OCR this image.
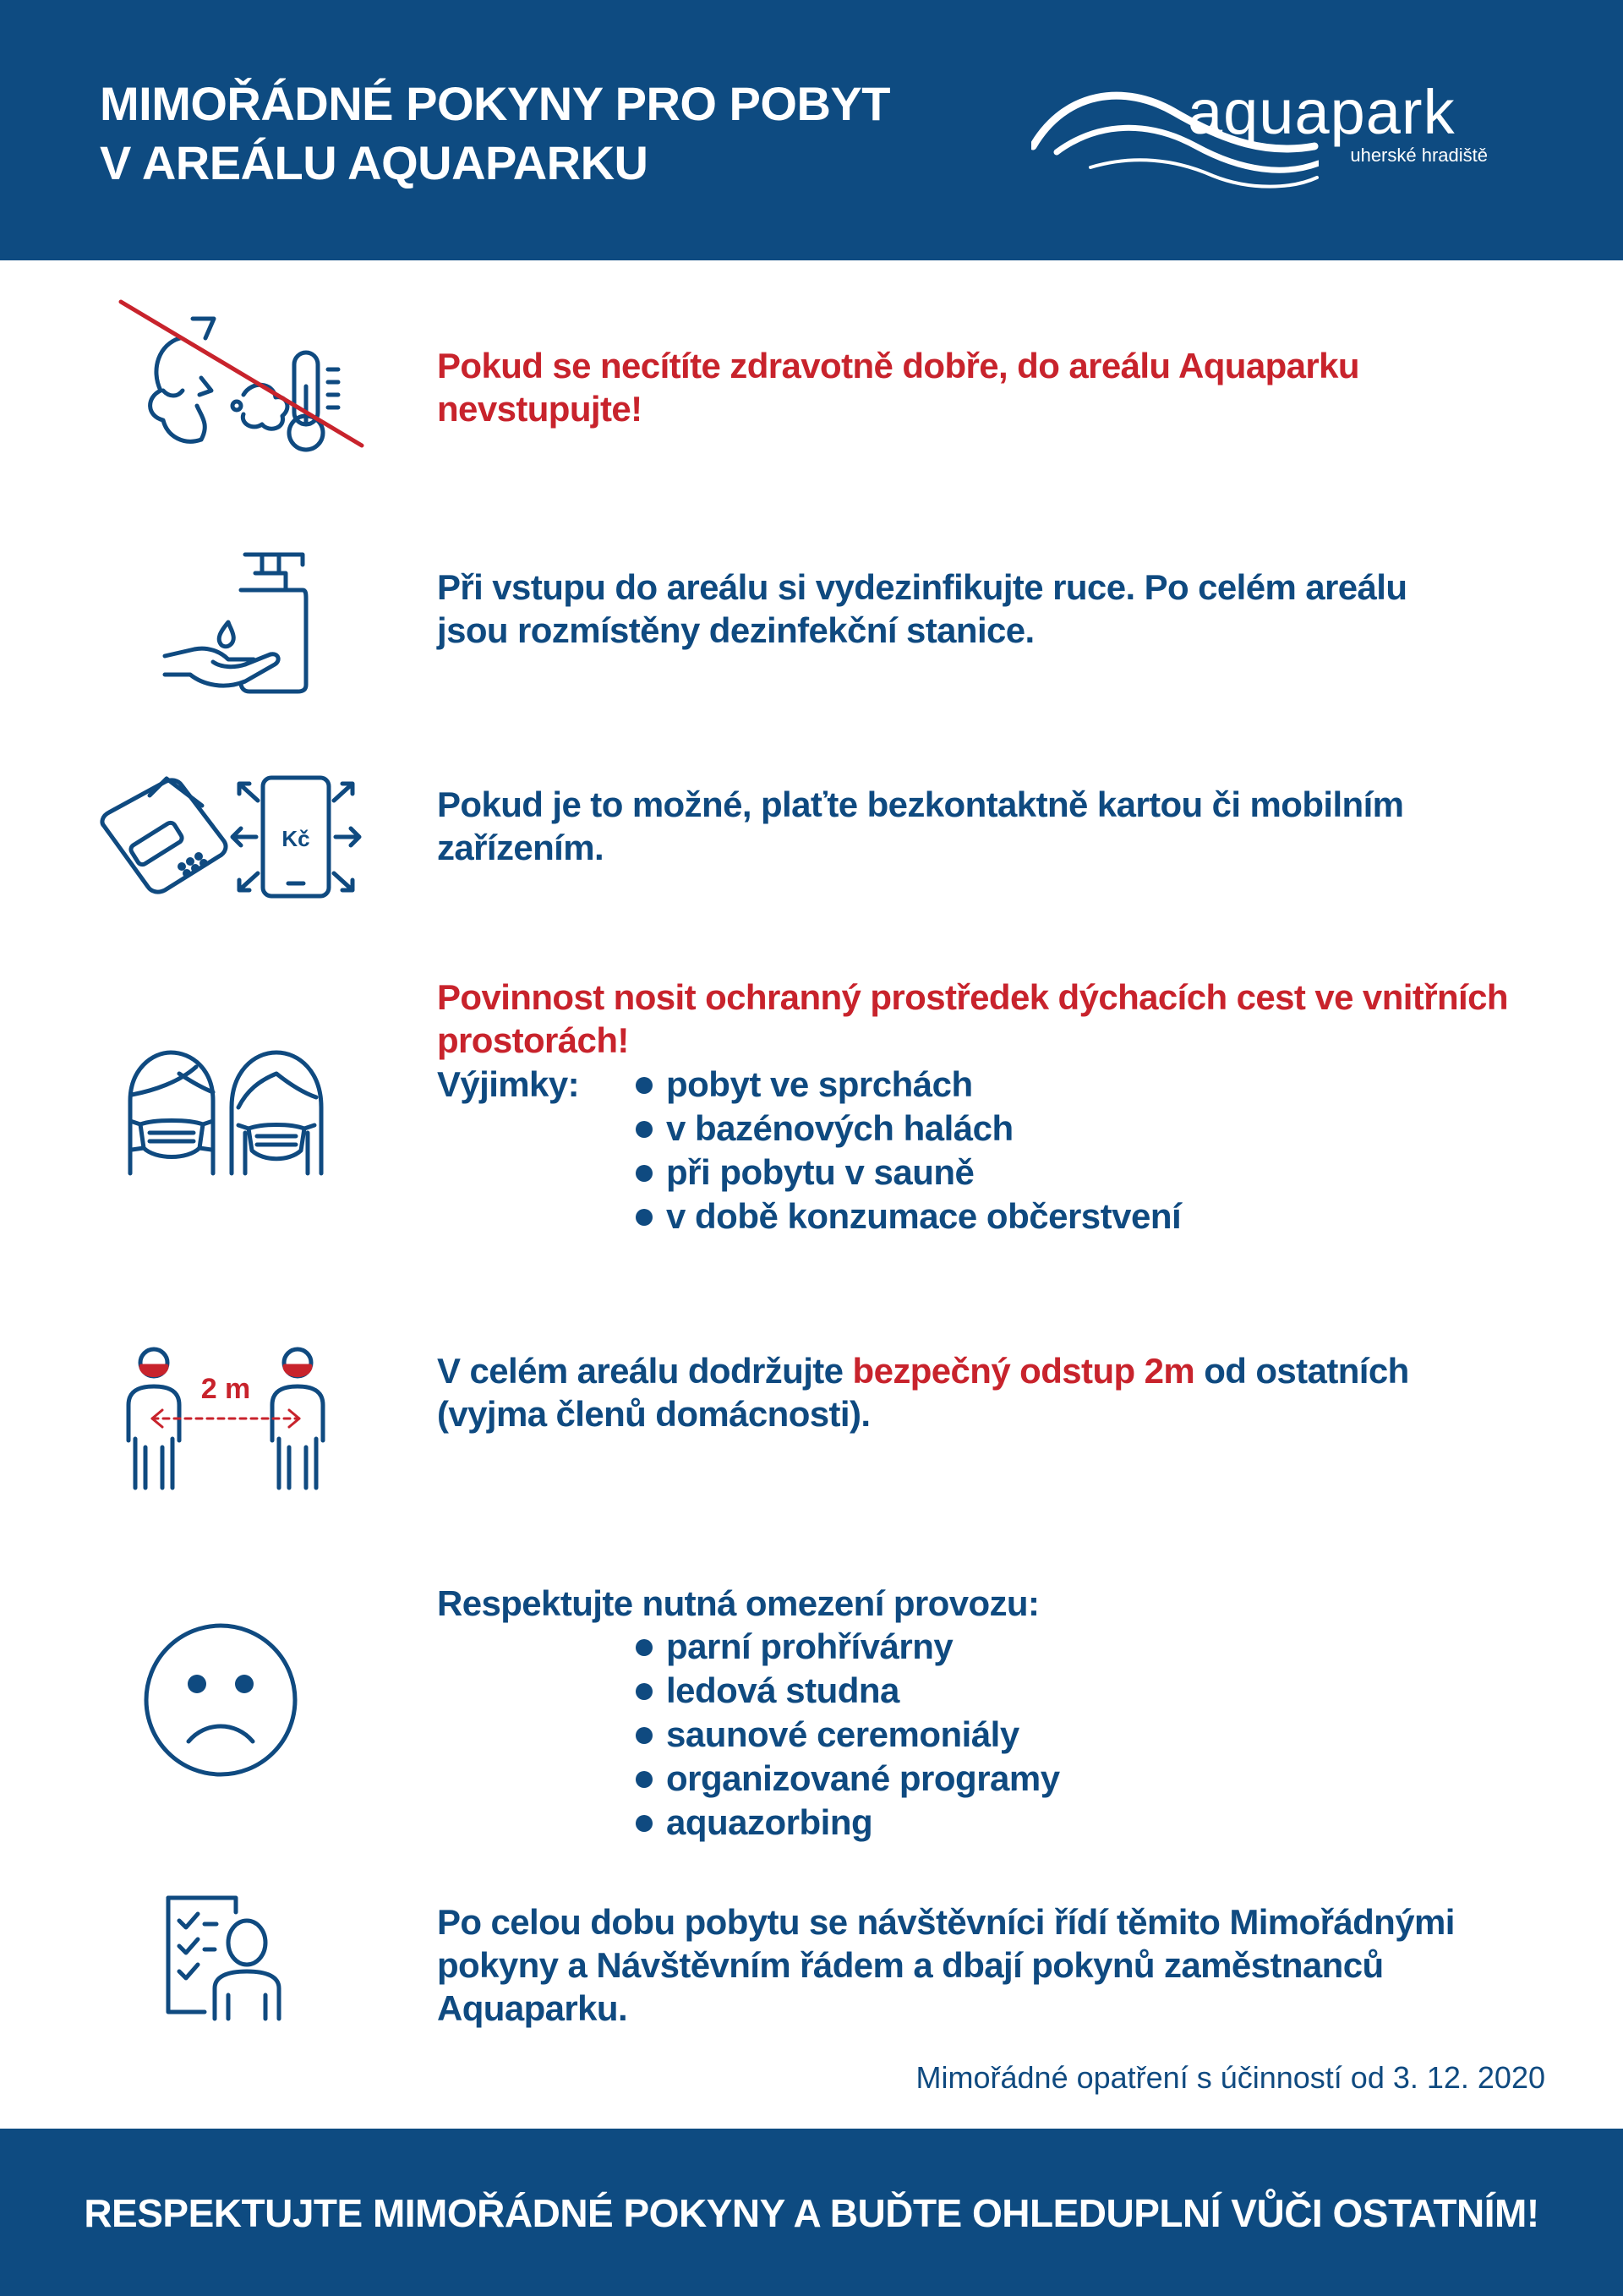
MIMOŘÁDNÉ POKYNY PRO POBYT
V AREÁLU AQUAPARKU
aquapark
uherské hradiště

Pokud se necítíte zdravotně dobře, do areálu Aquaparku
nevstupujte!

Při vstupu do areálu si vydezinfikujte ruce. Po celém areálu
jsou rozmístěny dezinfekční stanice.

Kč

Pokud je to možné, plaťte bezkontaktně kartou či mobilním
zařízením.

Povinnost nosit ochranný prostředek dýchacích cest ve vnitřních
prostorách!

Výjimky:	pobyt ve sprchách
v bazénových halách
při pobytu v sauně
v době konzumace občerstvení
2 m	V celém areálu dodržujte bezpečný odstup 2m od ostatních
(vyjma členů domácnosti).

Respektujte nutná omezení provozu:

parní prohřívárny
ledová studna
saunové ceremoniály
organizované programy
aquazorbing

Po celou dobu pobytu se návštěvníci řídí těmito Mimořádnými
pokyny a Návštěvním řádem a dbají pokynů zaměstnanců
Aquaparku.

Mimořádné opatření s účinností od 3. 12. 2020

RESPEKTUJTE MIMOŘÁDNÉ POKYNY A BUĎTE OHLEDUPLNÍ VŮČI OSTATNÍM!
